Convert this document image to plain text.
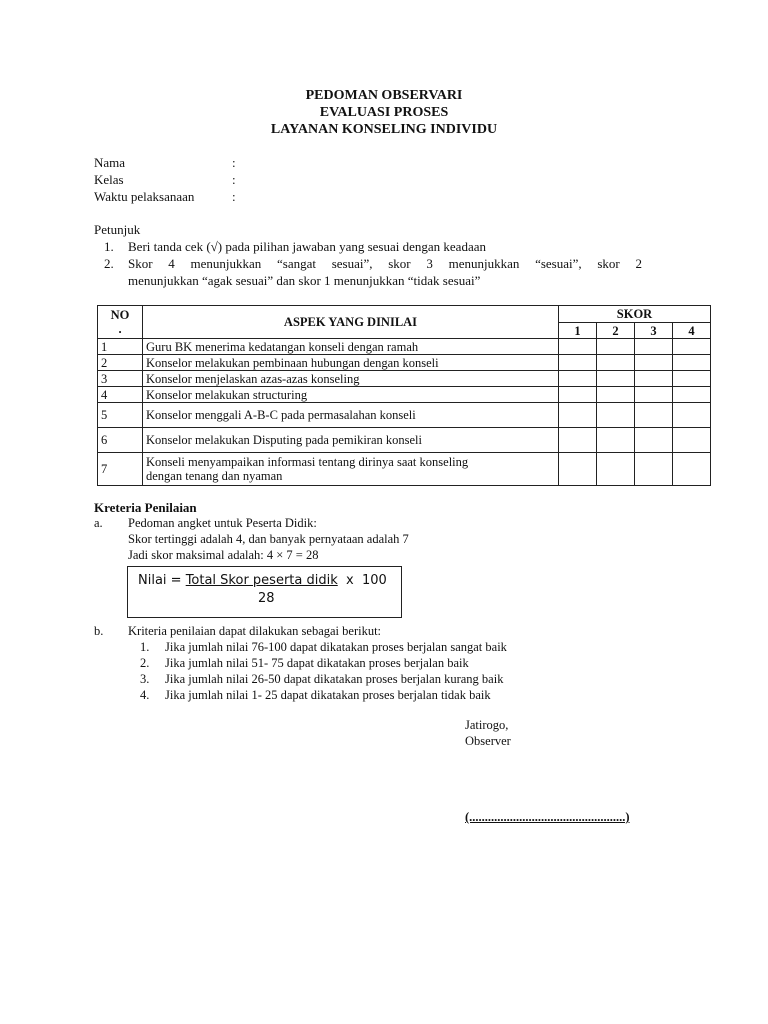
PEDOMAN OBSERVARI
EVALUASI PROSES
LAYANAN KONSELING INDIVIDU
Nama	:
Kelas	:
Waktu pelaksanaan	:
Petunjuk
1. Beri tanda cek (√) pada pilihan jawaban yang sesuai dengan keadaan
2. Skor 4 menunjukkan “sangat sesuai”, skor 3 menunjukkan “sesuai”, skor 2
menunjukkan “agak sesuai” dan skor 1 menunjukkan “tidak sesuai”
NO
.	ASPEK YANG DINILAI	SKOR			
		1	2	3	4
1	Guru BK menerima kedatangan konseli dengan ramah				
2	Konselor melakukan pembinaan hubungan dengan konseli				
3	Konselor menjelaskan azas-azas konseling				
4	Konselor melakukan structuring				
5	Konselor menggali A-B-C pada permasalahan konseli				
6	Konselor melakukan Disputing pada pemikiran konseli				
7	Konseli menyampaikan informasi tentang dirinya saat konseling
dengan tenang dan nyaman				
Kreteria Penilaian
a. Pedoman angket untuk Peserta Didik:
Skor tertinggi adalah 4, dan banyak pernyataan adalah 7
Jadi skor maksimal adalah: 4 × 7 = 28
Nilai = Total Skor peserta didik  x  100
28
b. Kriteria penilaian dapat dilakukan sebagai berikut:
1. Jika jumlah nilai 76-100 dapat dikatakan proses berjalan sangat baik
2. Jika jumlah nilai 51- 75 dapat dikatakan proses berjalan baik
3. Jika jumlah nilai 26-50 dapat dikatakan proses berjalan kurang baik
4. Jika jumlah nilai 1- 25 dapat dikatakan proses berjalan tidak baik
Jatirogo,
Observer
(..................................................)
